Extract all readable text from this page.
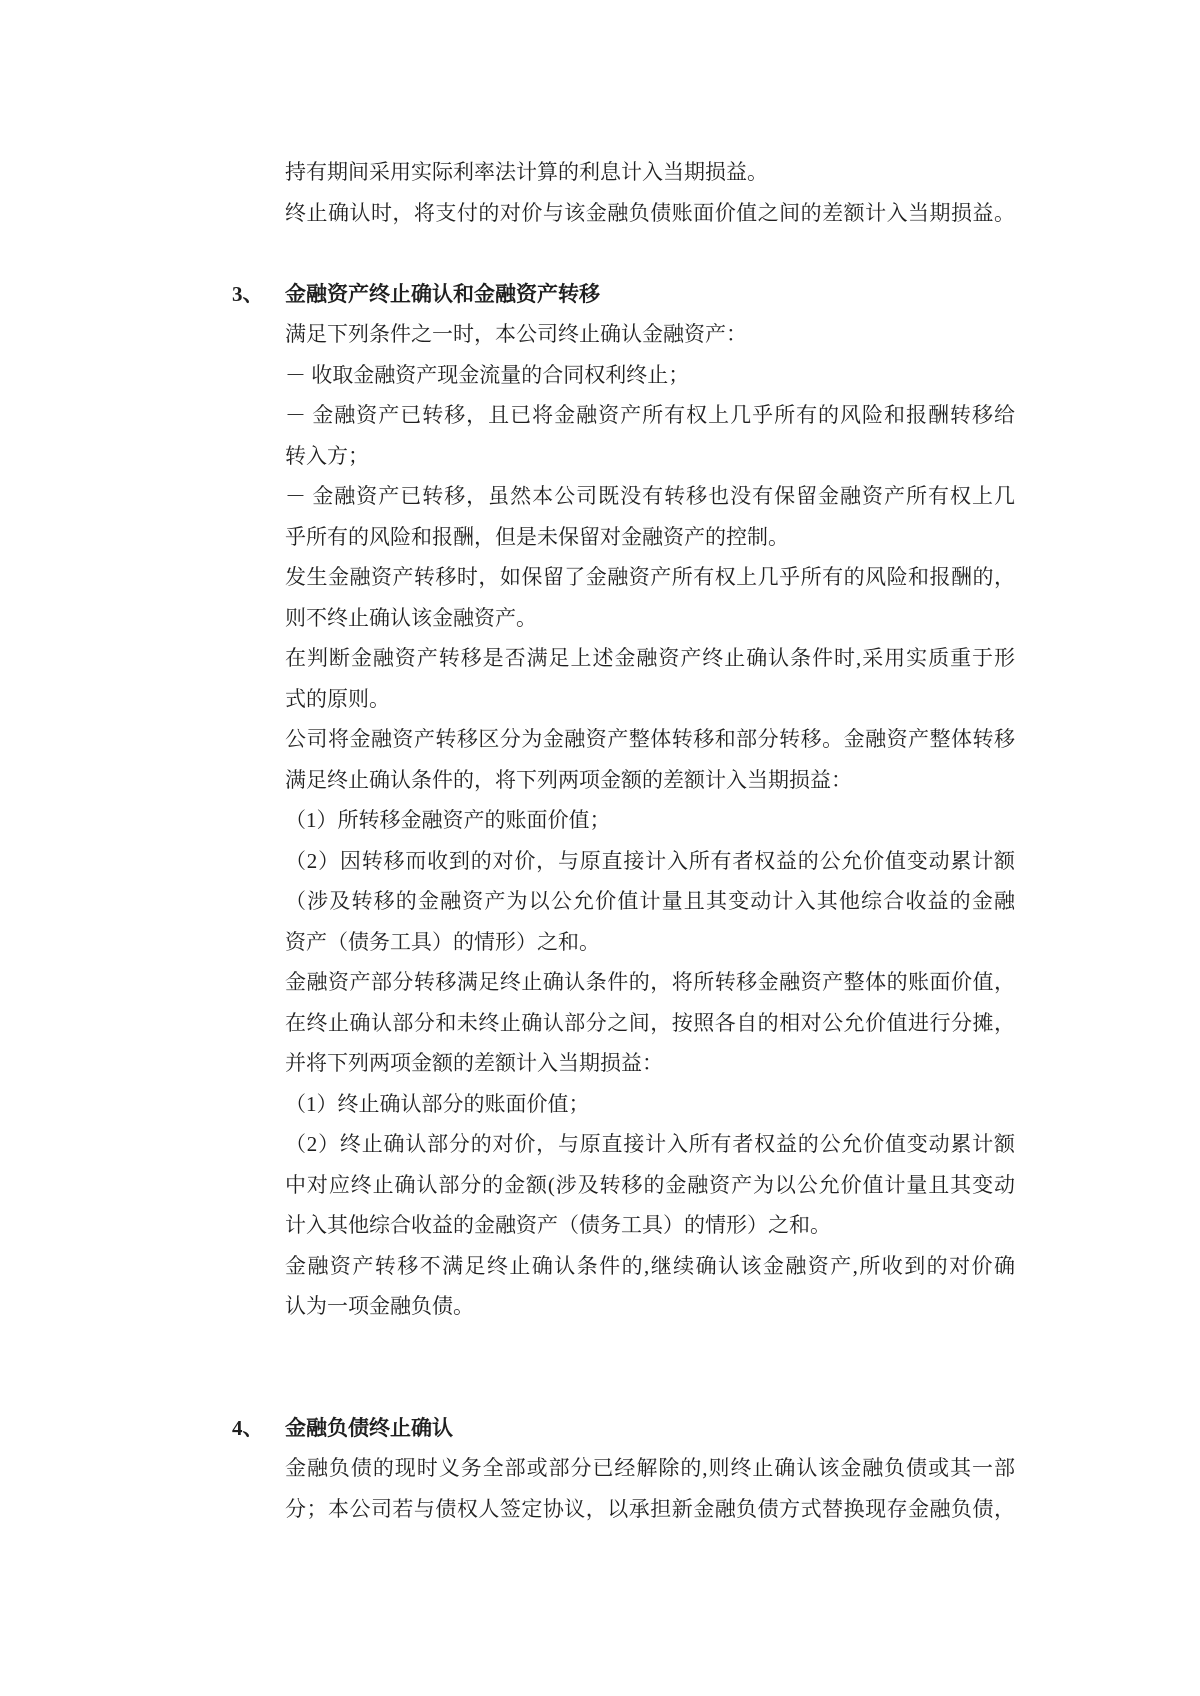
持有期间采用实际利率法计算的利息计入当期损益。
终止确认时，将支付的对价与该金融负债账面价值之间的差额计入当期损益。
3、 金融资产终止确认和金融资产转移
满足下列条件之一时，本公司终止确认金融资产：
－ 收取金融资产现金流量的合同权利终止；
－ 金融资产已转移，且已将金融资产所有权上几乎所有的风险和报酬转移给
转入方；
－ 金融资产已转移，虽然本公司既没有转移也没有保留金融资产所有权上几
乎所有的风险和报酬，但是未保留对金融资产的控制。
发生金融资产转移时，如保留了金融资产所有权上几乎所有的风险和报酬的，
则不终止确认该金融资产。
在判断金融资产转移是否满足上述金融资产终止确认条件时,采用实质重于形
式的原则。
公司将金融资产转移区分为金融资产整体转移和部分转移。金融资产整体转移
满足终止确认条件的，将下列两项金额的差额计入当期损益：
（1）所转移金融资产的账面价值；
（2）因转移而收到的对价，与原直接计入所有者权益的公允价值变动累计额
（涉及转移的金融资产为以公允价值计量且其变动计入其他综合收益的金融
资产（债务工具）的情形）之和。
金融资产部分转移满足终止确认条件的，将所转移金融资产整体的账面价值，
在终止确认部分和未终止确认部分之间，按照各自的相对公允价值进行分摊，
并将下列两项金额的差额计入当期损益：
（1）终止确认部分的账面价值；
（2）终止确认部分的对价，与原直接计入所有者权益的公允价值变动累计额
中对应终止确认部分的金额(涉及转移的金融资产为以公允价值计量且其变动
计入其他综合收益的金融资产（债务工具）的情形）之和。
金融资产转移不满足终止确认条件的,继续确认该金融资产,所收到的对价确
认为一项金融负债。
4、 金融负债终止确认
金融负债的现时义务全部或部分已经解除的,则终止确认该金融负债或其一部
分；本公司若与债权人签定协议，以承担新金融负债方式替换现存金融负债，
